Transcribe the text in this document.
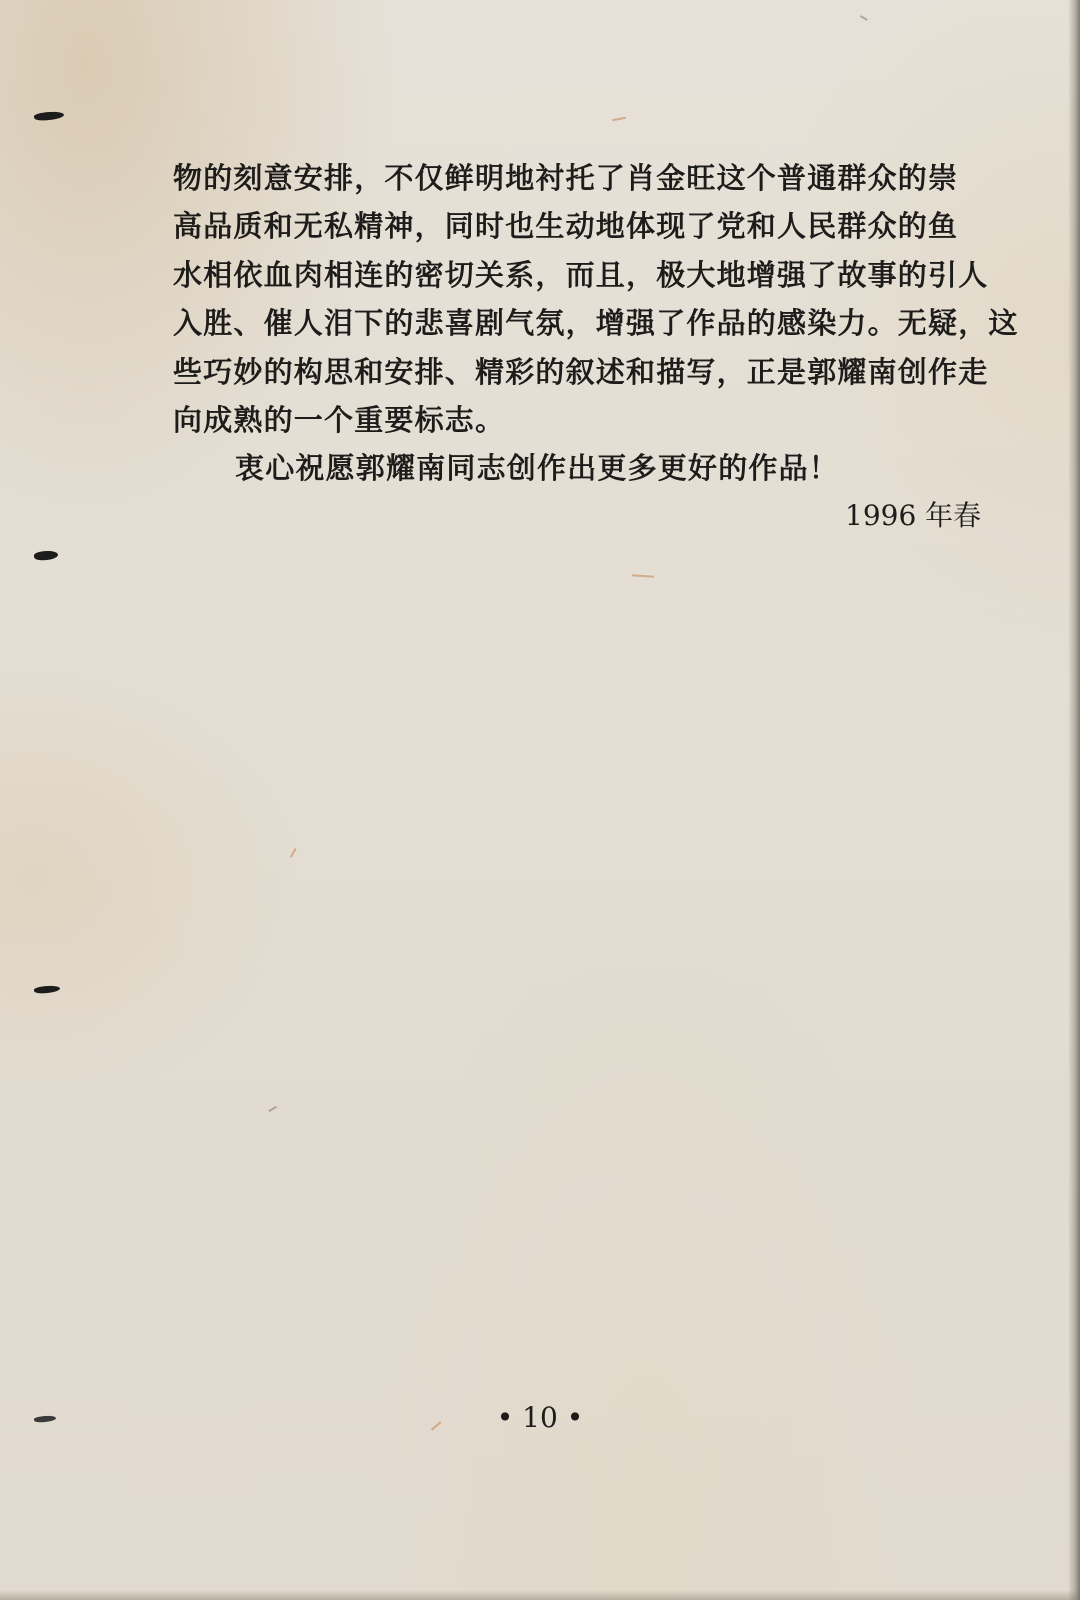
物的刻意安排，不仅鲜明地衬托了肖金旺这个普通群众的崇
高品质和无私精神，同时也生动地体现了党和人民群众的鱼
水相依血肉相连的密切关系，而且，极大地增强了故事的引人
入胜、催人泪下的悲喜剧气氛，增强了作品的感染力。无疑，这
些巧妙的构思和安排、精彩的叙述和描写，正是郭耀南创作走
向成熟的一个重要标志。
衷心祝愿郭耀南同志创作出更多更好的作品！
1996 年春
• 10 •
